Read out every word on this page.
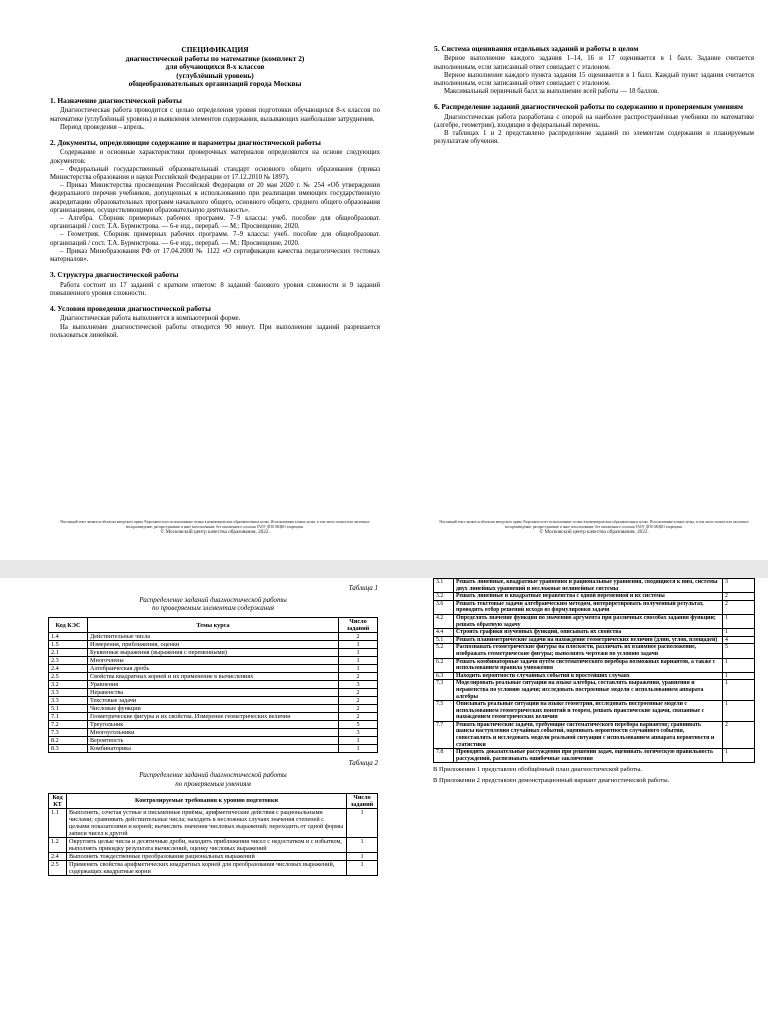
СПЕЦИФИКАЦИЯ
диагностической работы по математике (комплект 2)
для обучающихся 8-х классов
(углублённый уровень)
общеобразовательных организаций города Москвы
1. Назначение диагностической работы

Диагностическая работа проводится с целью определения уровня подготовки обучающихся 8-х классов по математике (углублённый уровень) и выявления элементов содержания, вызывающих наибольшие затруднения.

Период проведения – апрель.

2. Документы, определяющие содержание и параметры диагностической работы

Содержание и основные характеристики проверочных материалов определяются на основе следующих документов:

– Федеральный государственный образовательный стандарт основного общего образования (приказ Министерства образования и науки Российской Федерации от 17.12.2010 № 1897).

– Приказ Министерства просвещения Российской Федерации от 20 мая 2020 г. № 254 «Об утверждении федерального перечня учебников, допущенных к использованию при реализации имеющих государственную аккредитацию образовательных программ начального общего, основного общего, среднего общего образования организациями, осуществляющими образовательную деятельность».

– Алгебра. Сборник примерных рабочих программ. 7–9 классы: учеб. пособие для общеобразоват. организаций / сост. Т.А. Бурмистрова. — 6-е изд., перераб. — М.: Просвещение, 2020.

– Геометрия. Сборник примерных рабочих программ. 7–9 классы: учеб. пособие для общеобразоват. организаций / сост. Т.А. Бурмистрова. — 6-е изд., перераб. — М.: Просвещение, 2020.

– Приказ Минобразования РФ от 17.04.2000 № 1122 «О сертификации качества педагогических тестовых материалов».

3. Структура диагностической работы

Работа состоит из 17 заданий с кратким ответом: 8 заданий базового уровня сложности и 9 заданий повышенного уровня сложности.

4. Условия проведения диагностической работы

Диагностическая работа выполняется в компьютерной форме.

На выполнение диагностической работы отводится 90 минут. При выполнении заданий разрешается пользоваться линейкой.

Настоящий текст является объектом авторского права. Разрешается его использование только в некоммерческих образовательных целях. Использование в иных целях, в том числе полное или частичное воспроизведение, распространение и иное использование, без письменного согласия ГАОУ ДПО МЦКО запрещено.
© Московский центр качества образования, 2022.
5. Система оценивания отдельных заданий и работы в целом

Верное выполнение каждого задания 1–14, 16 и 17 оценивается в 1 балл. Задание считается выполненным, если записанный ответ совпадает с эталоном.

Верное выполнение каждого пункта задания 15 оценивается в 1 балл. Каждый пункт задания считается выполненным, если записанный ответ совпадает с эталоном.

Максимальный первичный балл за выполнение всей работы — 18 баллов.

6. Распределение заданий диагностической работы по содержанию и проверяемым умениям

Диагностическая работа разработана с опорой на наиболее распространённые учебники по математике (алгебре, геометрии), входящие в федеральный перечень.

В таблицах 1 и 2 представлено распределение заданий по элементам содержания и планируемым результатам обучения.

Настоящий текст является объектом авторского права. Разрешается его использование только в некоммерческих образовательных целях. Использование в иных целях, в том числе полное или частичное воспроизведение, распространение и иное использование, без письменного согласия ГАОУ ДПО МЦКО запрещено.
© Московский центр качества образования, 2022.
Таблица 1
Распределение заданий диагностической работы
по проверяемым элементам содержания
Код КЭС	Темы курса	Число заданий
1.4	Действительные числа	2
1.5	Измерения, приближения, оценки	1
2.1	Буквенные выражения (выражения с переменными)	1
2.3	Многочлены	1
2.4	Алгебраическая дробь	1
2.5	Свойства квадратных корней и их применение в вычислениях	2
3.2	Уравнения	3
3.3	Неравенства	2
3.3	Текстовые задачи	2
5.1	Числовые функции	2
7.1	Геометрические фигуры и их свойства. Измерение геометрических величин	2
7.2	Треугольник	5
7.3	Многоугольники	3
8.2	Вероятность	1
8.3	Комбинаторика	1
Таблица 2
Распределение заданий диагностической работы
по проверяемым умениям
Код КТ	Контролируемые требования к уровню подготовки	Число заданий
1.1	Выполнять, сочетая устные и письменные приёмы, арифметические действия с рациональными числами; сравнивать действительные числа; находить в несложных случаях значения степеней с целыми показателями и корней; вычислять значения числовых выражений; переходить от одной формы записи чисел к другой	1
1.2	Округлять целые числа и десятичные дроби, находить приближения чисел с недостатком и с избытком, выполнять прикидку результата вычислений, оценку числовых выражений	1
2.4	Выполнять тождественные преобразования рациональных выражений	1
2.5	Применять свойства арифметических квадратных корней для преобразования числовых выражений, содержащих квадратные корни	1
3.1	Решать линейные, квадратные уравнения и рациональные уравнения, сводящиеся к ним, системы двух линейных уравнений и несложные нелинейные системы	3
3.2	Решать линейные и квадратные неравенства с одной переменной и их системы	2
3.6	Решать текстовые задачи алгебраическим методом, интерпретировать полученный результат, проводить отбор решений исходя из формулировки задачи	2
4.2	Определять значение функции по значению аргумента при различных способах задания функции; решать обратную задачу	1
4.4	Строить графики изученных функций, описывать их свойства	1
5.1	Решать планиметрические задачи на нахождение геометрических величин (длин, углов, площадей)	4
5.2	Распознавать геометрические фигуры на плоскости, различать их взаимное расположение, изображать геометрические фигуры; выполнять чертежи по условию задачи	5
6.2	Решать комбинаторные задачи путём систематического перебора возможных вариантов, а также с использованием правила умножения	1
6.3	Находить вероятности случайных событий в простейших случаях	1
7.3	Моделировать реальные ситуации на языке алгебры, составлять выражения, уравнения и неравенства по условию задачи; исследовать построенные модели с использованием аппарата алгебры	1
7.5	Описывать реальные ситуации на языке геометрии, исследовать построенные модели с использованием геометрических понятий и теорем, решать практические задачи, связанные с нахождением геометрических величин	1
7.7	Решать практические задачи, требующие систематического перебора вариантов; сравнивать шансы наступления случайных событий, оценивать вероятности случайного события, сопоставлять и исследовать модели реальной ситуации с использованием аппарата вероятности и статистики	2
7.8	Проводить доказательные рассуждения при решении задач, оценивать логическую правильность рассуждений, распознавать ошибочные заключения	1
В Приложении 1 представлен обобщённый план диагностической работы.
В Приложении 2 представлен демонстрационный вариант диагностической работы.
